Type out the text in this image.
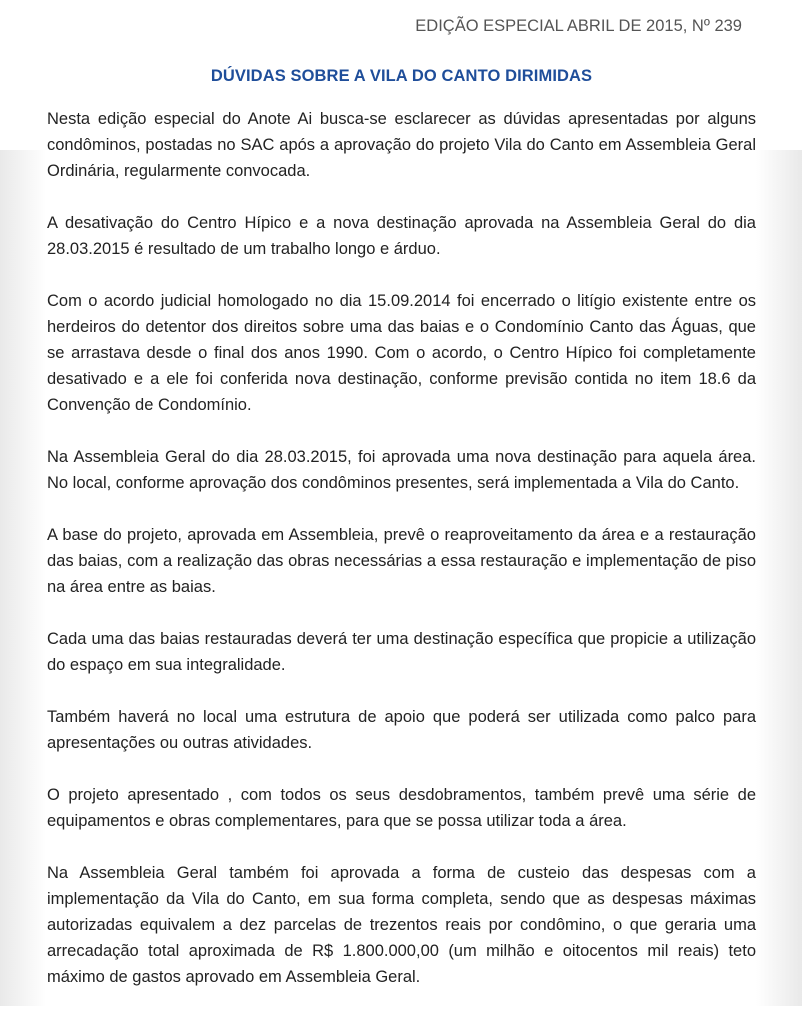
EDIÇÃO ESPECIAL ABRIL DE 2015, Nº 239

DÚVIDAS SOBRE A VILA DO CANTO DIRIMIDAS

Nesta edição especial do Anote Ai busca-se esclarecer as dúvidas apresentadas por alguns condôminos, postadas no SAC após a aprovação do projeto Vila do Canto em Assembleia Geral Ordinária, regularmente convocada.

A desativação do Centro Hípico e a nova destinação aprovada na Assembleia Geral do dia 28.03.2015 é resultado de um trabalho longo e árduo.

Com o acordo judicial homologado no dia 15.09.2014 foi encerrado o litígio existente entre os herdeiros do detentor dos direitos sobre uma das baias e o Condomínio Canto das Águas, que se arrastava desde o final dos anos 1990. Com o acordo, o Centro Hípico foi completamente desativado e a ele foi conferida nova destinação, conforme previsão contida no item 18.6 da Convenção de Condomínio.

Na Assembleia Geral do dia 28.03.2015, foi aprovada uma nova destinação para aquela área. No local, conforme aprovação dos condôminos presentes, será implementada a Vila do Canto.

A base do projeto, aprovada em Assembleia, prevê o reaproveitamento da área e a restauração das baias, com a realização das obras necessárias a essa restauração e implementação de piso na área entre as baias.

Cada uma das baias restauradas deverá ter uma destinação específica que propicie a utilização do espaço em sua integralidade.

Também haverá no local uma estrutura de apoio que poderá ser utilizada como palco para apresentações ou outras atividades.

O projeto apresentado , com todos os seus desdobramentos, também prevê uma série de equipamentos e obras complementares, para que se possa utilizar toda a área.

Na Assembleia Geral também foi aprovada a forma de custeio das despesas com a implementação da Vila do Canto, em sua forma completa, sendo que as despesas máximas autorizadas equivalem a dez parcelas de trezentos reais por condômino, o que geraria uma arrecadação total aproximada de R$ 1.800.000,00 (um milhão e oitocentos mil reais) teto máximo de gastos aprovado em Assembleia Geral.
